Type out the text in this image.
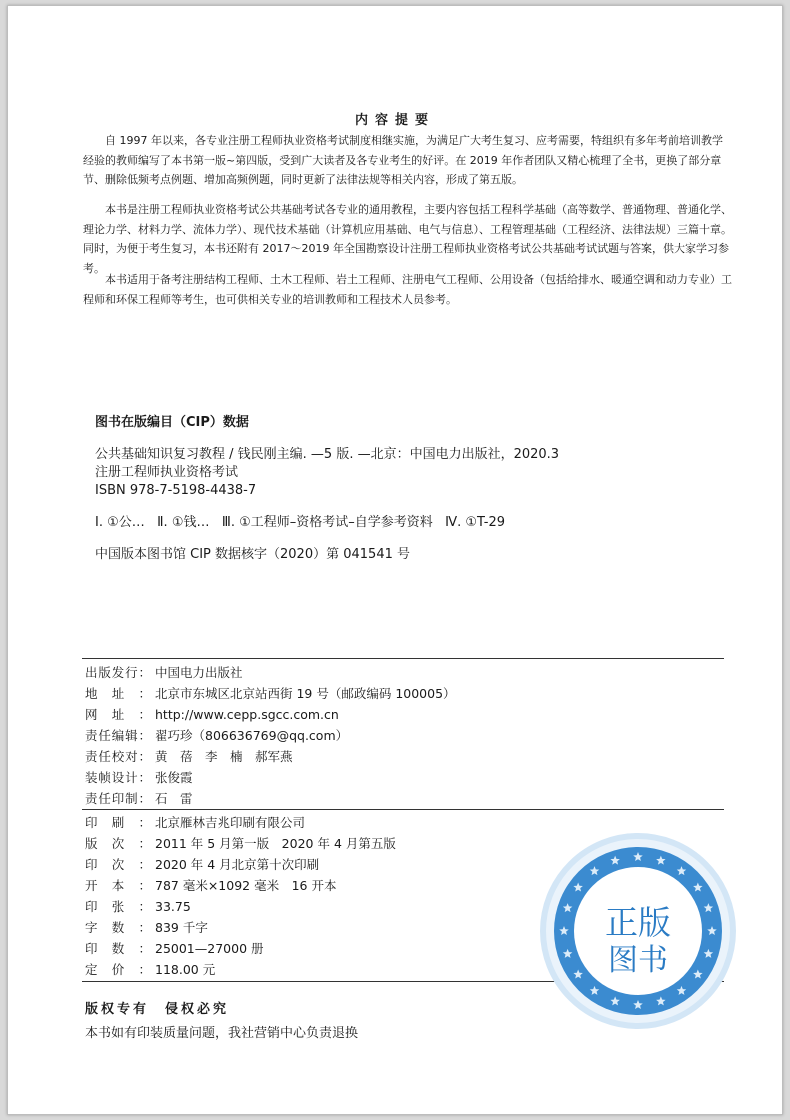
内容提要

自 1997 年以来，各专业注册工程师执业资格考试制度相继实施，为满足广大考生复习、应考需要，特组织有多年考前培训教学经验的教师编写了本书第一版~第四版，受到广大读者及各专业考生的好评。在 2019 年作者团队又精心梳理了全书，更换了部分章节、删除低频考点例题、增加高频例题，同时更新了法律法规等相关内容，形成了第五版。

本书是注册工程师执业资格考试公共基础考试各专业的通用教程，主要内容包括工程科学基础（高等数学、普通物理、普通化学、理论力学、材料力学、流体力学）、现代技术基础（计算机应用基础、电气与信息）、工程管理基础（工程经济、法律法规）三篇十章。同时，为便于考生复习，本书还附有 2017～2019 年全国勘察设计注册工程师执业资格考试公共基础考试试题与答案，供大家学习参考。

本书适用于备考注册结构工程师、土木工程师、岩土工程师、注册电气工程师、公用设备（包括给排水、暖通空调和动力专业）工程师和环保工程师等考生，也可供相关专业的培训教师和工程技术人员参考。

图书在版编目（CIP）数据
公共基础知识复习教程 / 钱民刚主编. —5 版. —北京：中国电力出版社，2020.3
注册工程师执业资格考试
ISBN 978-7-5198-4438-7
Ⅰ. ①公…   Ⅱ. ①钱…   Ⅲ. ①工程师–资格考试–自学参考资料   Ⅳ. ①T-29
中国版本图书馆 CIP 数据核字（2020）第 041541 号
出版发行 ： 中国电力出版社
地址 ： 北京市东城区北京站西街 19 号（邮政编码 100005）
网址 ： http://www.cepp.sgcc.com.cn
责任编辑 ： 翟巧珍（806636769@qq.com）
责任校对 ： 黄　蓓　李　楠　郝军燕
装帧设计 ： 张俊霞
责任印制 ： 石　雷
印刷 ： 北京雁林吉兆印刷有限公司
版次 ： 2011 年 5 月第一版　2020 年 4 月第五版
印次 ： 2020 年 4 月北京第十次印刷
开本 ： 787 毫米×1092 毫米　16 开本
印张 ： 33.75
字数 ： 839 千字
印数 ： 25001—27000 册
定价 ： 118.00 元
版权专有　侵权必究
本书如有印装质量问题，我社营销中心负责退换
正版
图书
